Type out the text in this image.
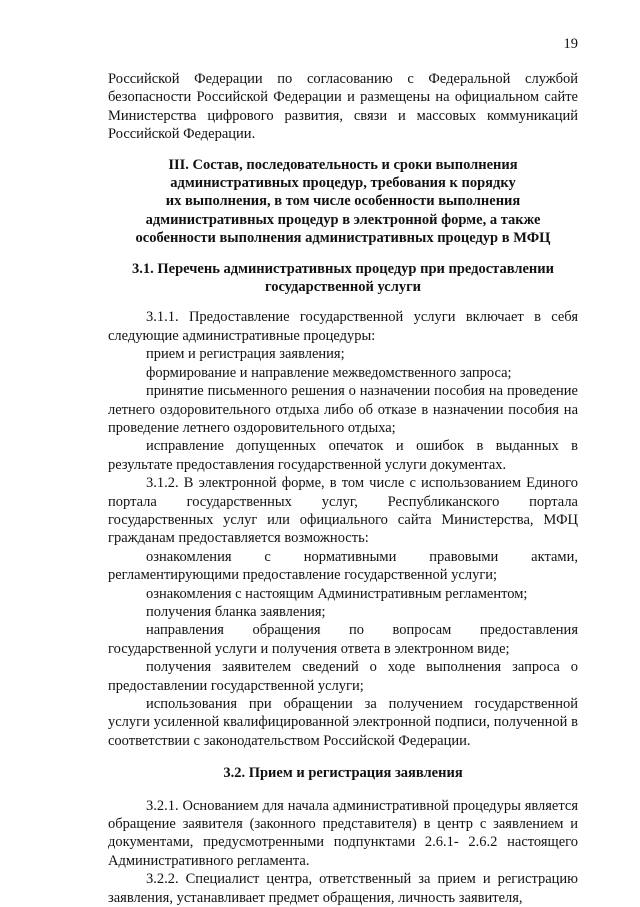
19

Российской Федерации по согласованию с Федеральной службой безопасности Российской Федерации и размещены на официальном сайте Министерства цифрового развития, связи и массовых коммуникаций Российской Федерации.

III. Состав, последовательность и сроки выполнения

административных процедур, требования к порядку

их выполнения, в том числе особенности выполнения

административных процедур в электронной форме, а также

особенности выполнения административных процедур в МФЦ

3.1. Перечень административных процедур при предоставлении

государственной услуги

3.1.1. Предоставление государственной услуги включает в себя следующие административные процедуры:

прием и регистрация заявления;

формирование и направление межведомственного запроса;

принятие письменного решения о назначении пособия на проведение летнего оздоровительного отдыха либо об отказе в назначении пособия на проведение летнего оздоровительного отдыха;

исправление допущенных опечаток и ошибок в выданных в результате предоставления государственной услуги документах.

3.1.2. В электронной форме, в том числе с использованием Единого портала государственных услуг, Республиканского портала государственных услуг или официального сайта Министерства, МФЦ гражданам предоставляется возможность:

ознакомления с нормативными правовыми актами, регламентирующими предоставление государственной услуги;

ознакомления с настоящим Административным регламентом;

получения бланка заявления;

направления обращения по вопросам предоставления государственной услуги и получения ответа в электронном виде;

получения заявителем сведений о ходе выполнения запроса о предоставлении государственной услуги;

использования при обращении за получением государственной услуги усиленной квалифицированной электронной подписи, полученной в соответствии с законодательством Российской Федерации.

3.2. Прием и регистрация заявления

3.2.1. Основанием для начала административной процедуры является обращение заявителя (законного представителя) в центр с заявлением и документами, предусмотренными подпунктами 2.6.1- 2.6.2 настоящего Административного регламента.

3.2.2. Специалист центра, ответственный за прием и регистрацию заявления, устанавливает предмет обращения, личность заявителя,
